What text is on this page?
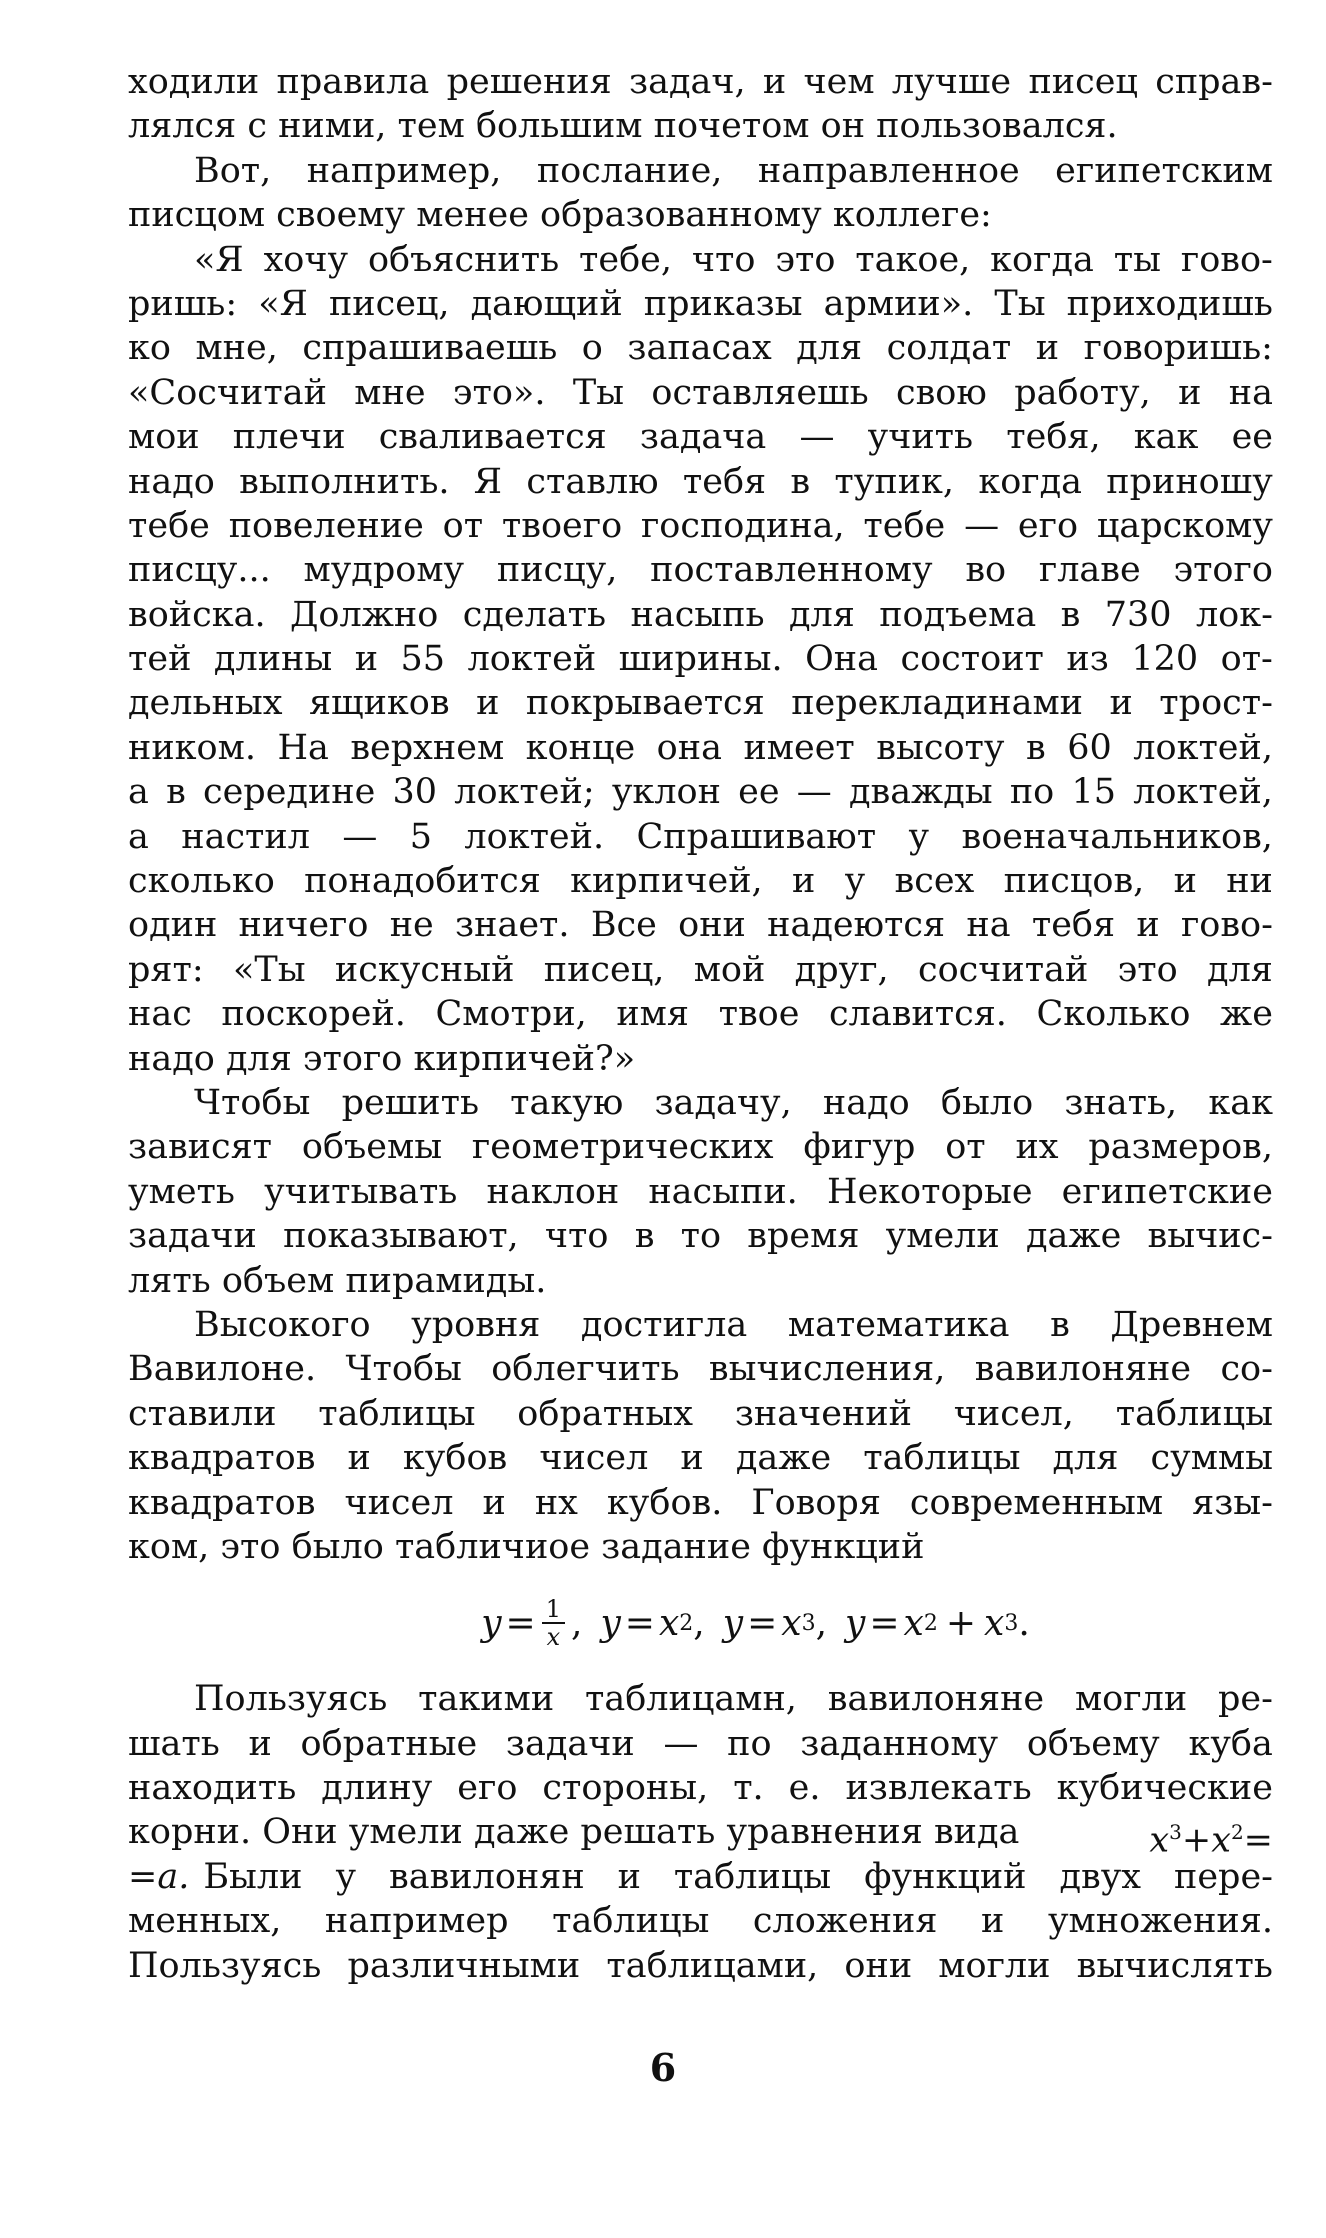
ходили правила решения задач, и чем лучше писец справ-
лялся с ними, тем большим почетом он пользовался.
Вот, например, послание, направленное египетским
писцом своему менее образованному коллеге:
«Я хочу объяснить тебе, что это такое, когда ты гово-
ришь: «Я писец, дающий приказы армии». Ты приходишь
ко мне, спрашиваешь о запасах для солдат и говоришь:
«Сосчитай мне это». Ты оставляешь свою работу, и на
мои плечи сваливается задача — учить тебя, как ее
надо выполнить. Я ставлю тебя в тупик, когда приношу
тебе повеление от твоего господина, тебе — его царскому
писцу... мудрому писцу, поставленному во главе этого
войска. Должно сделать насыпь для подъема в 730 лок-
тей длины и 55 локтей ширины. Она состоит из 120 от-
дельных ящиков и покрывается перекладинами и трост-
ником. На верхнем конце она имеет высоту в 60 локтей,
а в середине 30 локтей; уклон ее — дважды по 15 локтей,
а настил — 5 локтей. Спрашивают у военачальников,
сколько понадобится кирпичей, и у всех писцов, и ни
один ничего не знает. Все они надеются на тебя и гово-
рят: «Ты искусный писец, мой друг, сосчитай это для
нас поскорей. Смотри, имя твое славится. Сколько же
надо для этого кирпичей?»
Чтобы решить такую задачу, надо было знать, как
зависят объемы геометрических фигур от их размеров,
уметь учитывать наклон насыпи. Некоторые египетские
задачи показывают, что в то время умели даже вычис-
лять объем пирамиды.
Высокого уровня достигла математика в Древнем
Вавилоне. Чтобы облегчить вычисления, вавилоняне со-
ставили таблицы обратных значений чисел, таблицы
квадратов и кубов чисел и даже таблицы для суммы
квадратов чисел и нх кубов. Говоря современным язы-
ком, это было табличиое задание функций
$y = \frac{1}{x}$ , y = x 2 , y = x 3 , y = x 2 + x 3 .
Пользуясь такими таблицамн, вавилоняне могли ре-
шать и обратные задачи — по заданному объему куба
находить длину его стороны, т. е. извлекать кубические
корни. Они умели даже решать уравнения вида	$x^3+x^2=$
=a. Были у вавилонян и таблицы функций двух пере-
менных, например таблицы сложения и умножения.
Пользуясь различными таблицами, они могли вычислять
6
